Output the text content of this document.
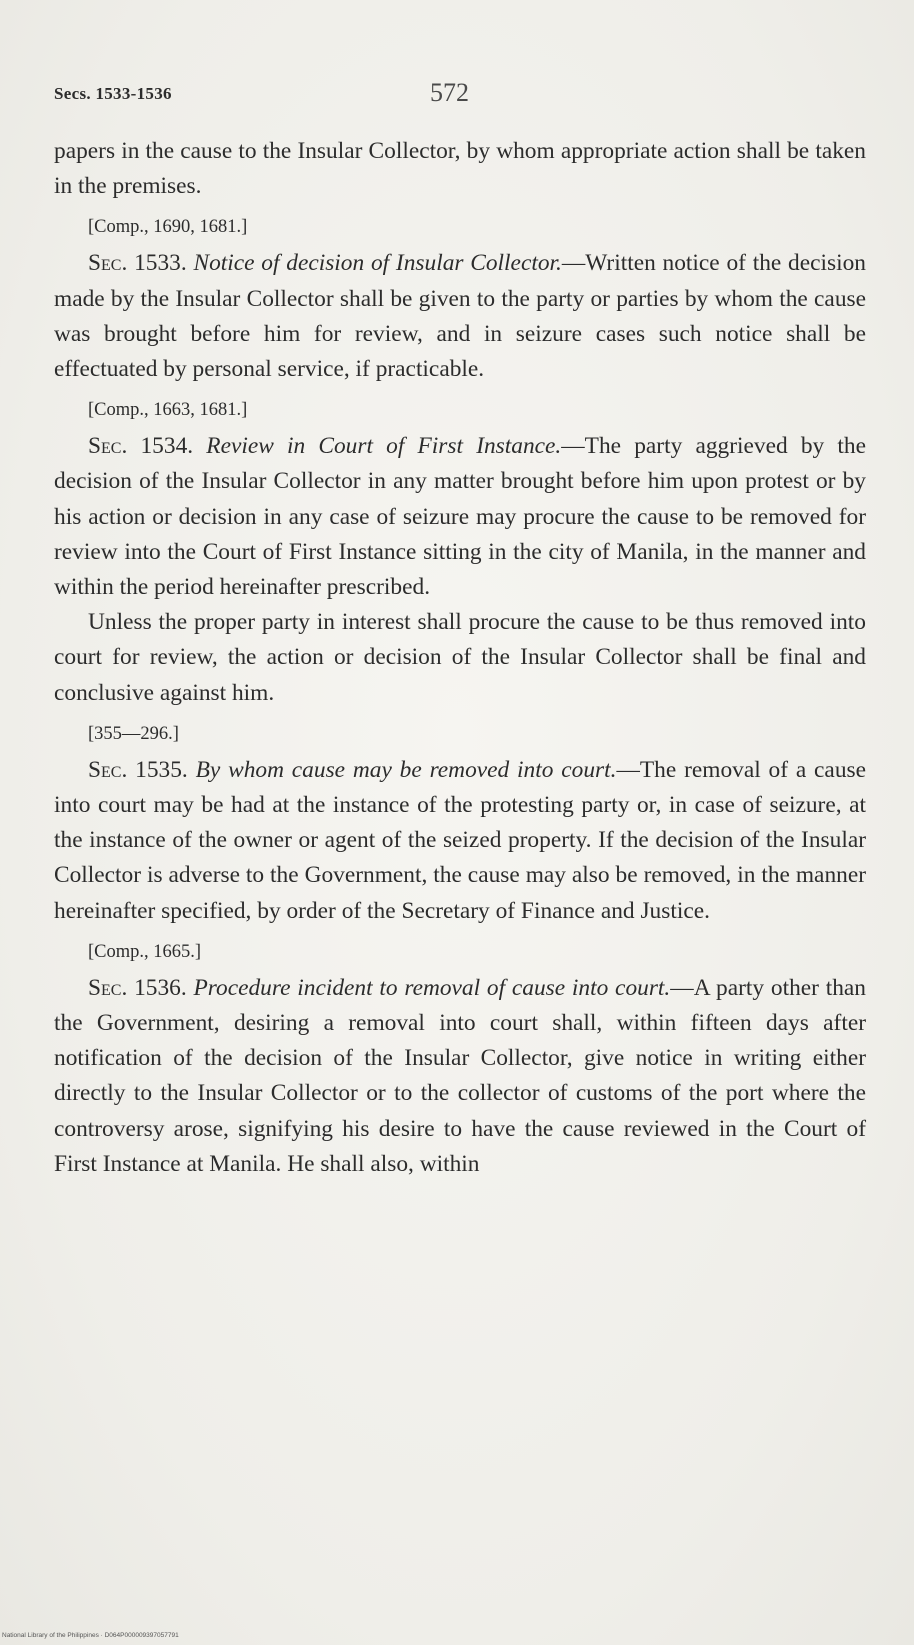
Secs. 1533-1536	572

papers in the cause to the Insular Collector, by whom appropriate action shall be taken in the premises.

[Comp., 1690, 1681.]

Sec. 1533. Notice of decision of Insular Collector.—Written notice of the decision made by the Insular Collector shall be given to the party or parties by whom the cause was brought before him for review, and in seizure cases such notice shall be effectuated by personal service, if practicable.

[Comp., 1663, 1681.]

Sec. 1534. Review in Court of First Instance.—The party aggrieved by the decision of the Insular Collector in any matter brought before him upon protest or by his action or decision in any case of seizure may procure the cause to be removed for review into the Court of First Instance sitting in the city of Manila, in the manner and within the period hereinafter prescribed.

Unless the proper party in interest shall procure the cause to be thus removed into court for review, the action or decision of the Insular Collector shall be final and conclusive against him.

[355—296.]

Sec. 1535. By whom cause may be removed into court.—The removal of a cause into court may be had at the instance of the protesting party or, in case of seizure, at the instance of the owner or agent of the seized property. If the decision of the Insular Collector is adverse to the Government, the cause may also be removed, in the manner hereinafter specified, by order of the Secretary of Finance and Justice.

[Comp., 1665.]

Sec. 1536. Procedure incident to removal of cause into court.—A party other than the Government, desiring a removal into court shall, within fifteen days after notification of the decision of the Insular Collector, give notice in writing either directly to the Insular Collector or to the collector of customs of the port where the controversy arose, signifying his desire to have the cause reviewed in the Court of First Instance at Manila. He shall also, within

National Library of the Philippines · D064P000009397057791
